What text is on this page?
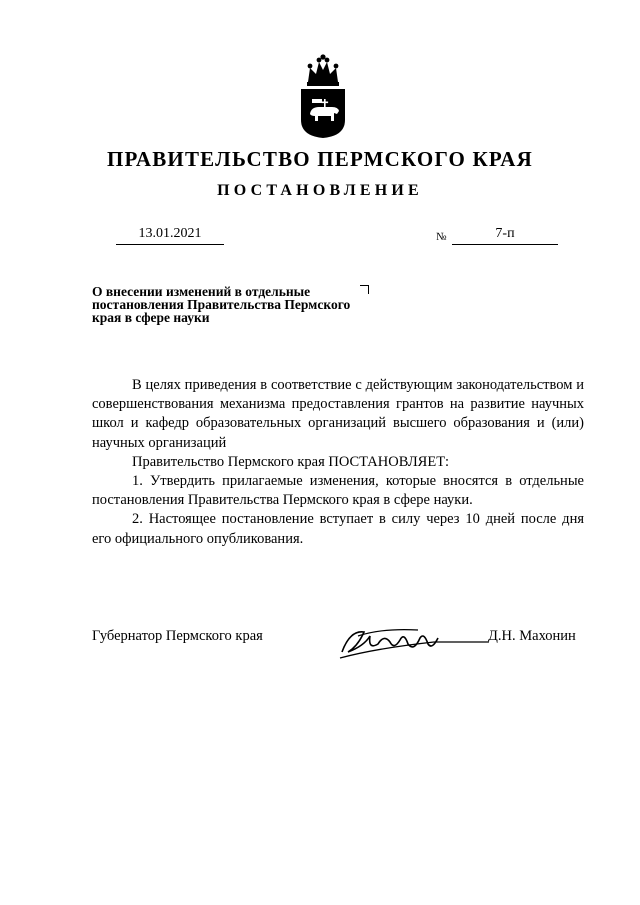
ПРАВИТЕЛЬСТВО ПЕРМСКОГО КРАЯ
ПОСТАНОВЛЕНИЕ
13.01.2021	№	7-п
О внесении изменений в отдельные постановления Правительства Пермского края в сфере науки

В целях приведения в соответствие с действующим законодательством и совершенствования механизма предоставления грантов на развитие научных школ и кафедр образовательных организаций высшего образования и (или) научных организаций

Правительство Пермского края ПОСТАНОВЛЯЕТ:

1. Утвердить прилагаемые изменения, которые вносятся в отдельные постановления Правительства Пермского края в сфере науки.

2. Настоящее постановление вступает в силу через 10 дней после дня его официального опубликования.

Губернатор Пермского края	Д.Н. Махонин
